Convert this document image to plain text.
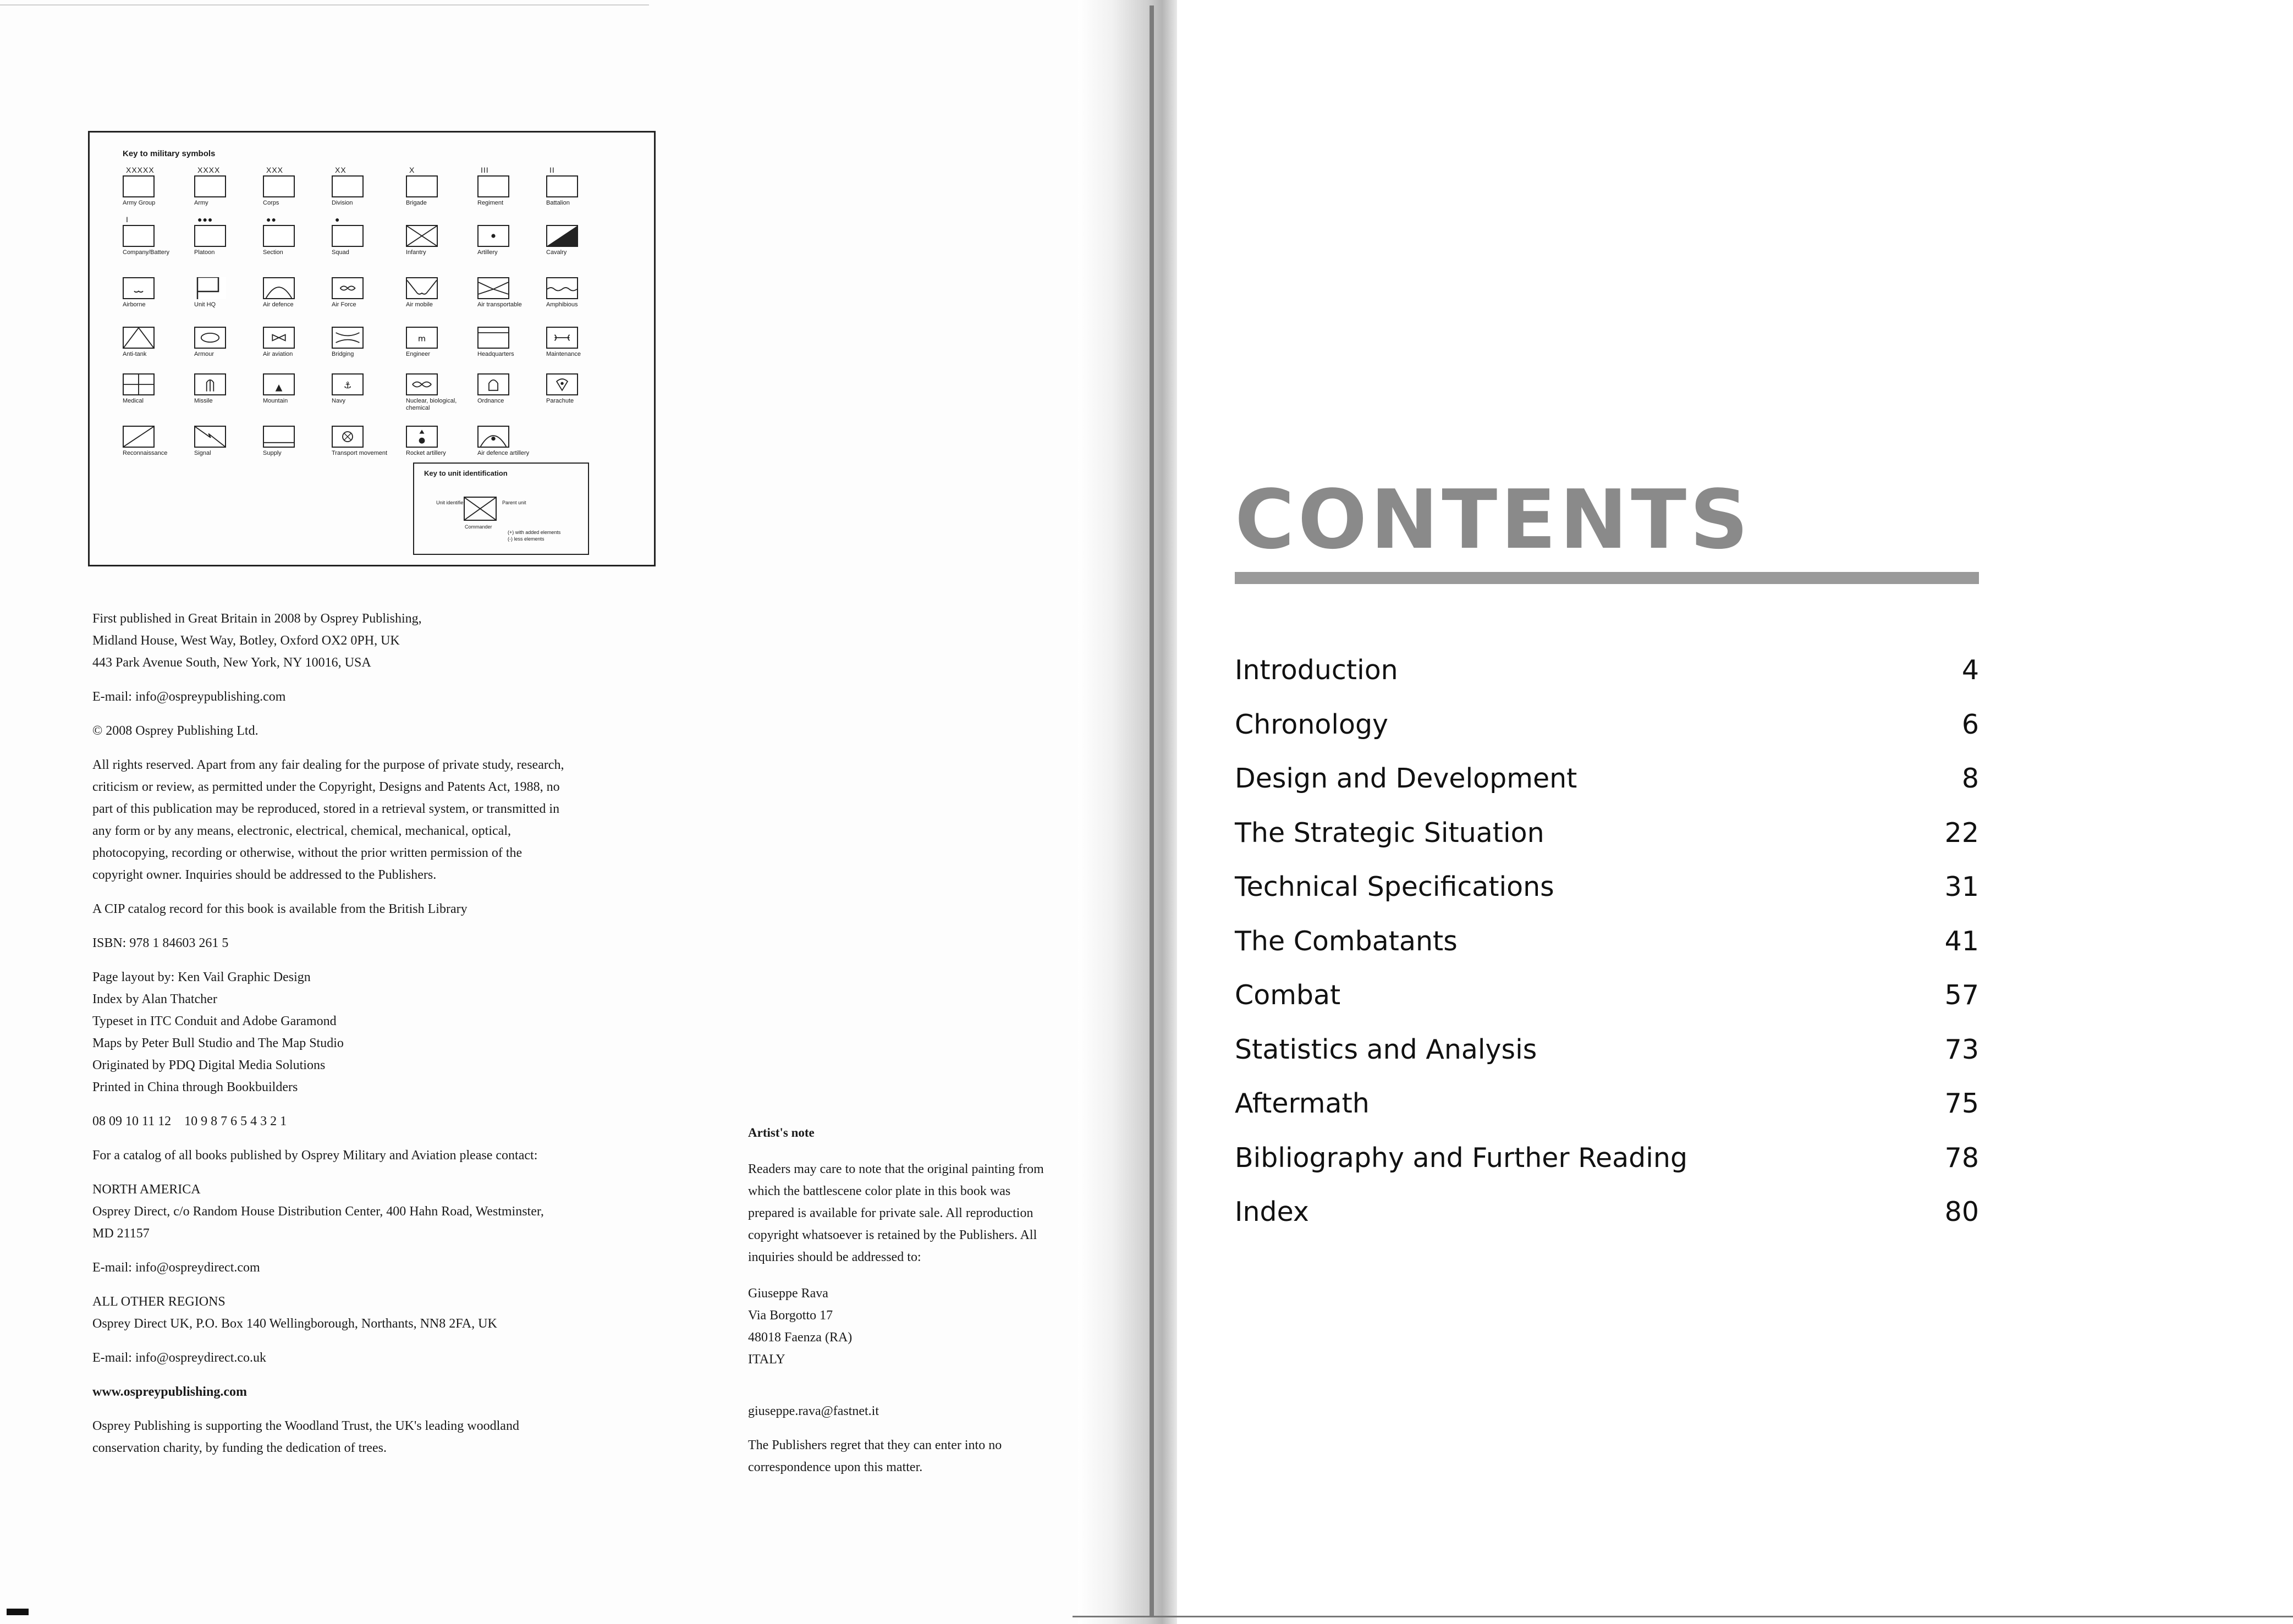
Key to military symbols
XXXXX
Army Group
XXXX
Army
XXX
Corps
XX
Division
X
Brigade
III
Regiment
II
Battalion
I
Company/Battery
●●●
Platoon
●●
Section
●
Squad	Infantry	Artillery	Cavalry
Airborne	Unit HQ	Air defence	Air Force	Air mobile	Air transportable	Amphibious
Anti-tank	Armour	Air aviation	Bridging
m
Engineer	Headquarters	Maintenance
Medical	Missile	Mountain
⚓
Navy	Nuclear, biological, chemical
Ordnance	Parachute
Reconnaissance	Signal	Supply	Transport movement	Rocket artillery	Air defence artillery
Key to unit identification
Unit identifier	Parent unit
Commander
(+) with added elements
(-) less elements

First published in Great Britain in 2008 by Osprey Publishing,

Midland House, West Way, Botley, Oxford OX2 0PH, UK

443 Park Avenue South, New York, NY 10016, USA

E-mail: info@ospreypublishing.com

© 2008 Osprey Publishing Ltd.

All rights reserved. Apart from any fair dealing for the purpose of private study, research,

criticism or review, as permitted under the Copyright, Designs and Patents Act, 1988, no

part of this publication may be reproduced, stored in a retrieval system, or transmitted in

any form or by any means, electronic, electrical, chemical, mechanical, optical,

photocopying, recording or otherwise, without the prior written permission of the

copyright owner. Inquiries should be addressed to the Publishers.

A CIP catalog record for this book is available from the British Library

ISBN: 978 1 84603 261 5

Page layout by: Ken Vail Graphic Design

Index by Alan Thatcher

Typeset in ITC Conduit and Adobe Garamond

Maps by Peter Bull Studio and The Map Studio

Originated by PDQ Digital Media Solutions

Printed in China through Bookbuilders

08 09 10 11 12    10 9 8 7 6 5 4 3 2 1

For a catalog of all books published by Osprey Military and Aviation please contact:

NORTH AMERICA

Osprey Direct, c/o Random House Distribution Center, 400 Hahn Road, Westminster,

MD 21157

E-mail: info@ospreydirect.com

ALL OTHER REGIONS

Osprey Direct UK, P.O. Box 140 Wellingborough, Northants, NN8 2FA, UK

E-mail: info@ospreydirect.co.uk

www.ospreypublishing.com

Osprey Publishing is supporting the Woodland Trust, the UK's leading woodland

conservation charity, by funding the dedication of trees.

Artist's note

Readers may care to note that the original painting from

which the battlescene color plate in this book was

prepared is available for private sale. All reproduction

copyright whatsoever is retained by the Publishers. All

inquiries should be addressed to:

Giuseppe Rava

Via Borgotto 17

48018 Faenza (RA)

ITALY

giuseppe.rava@fastnet.it

The Publishers regret that they can enter into no

correspondence upon this matter.

CONTENTS
Introduction	4
Chronology	6
Design and Development	8
The Strategic Situation	22
Technical Specifications	31
The Combatants	41
Combat	57
Statistics and Analysis	73
Aftermath	75
Bibliography and Further Reading	78
Index	80
